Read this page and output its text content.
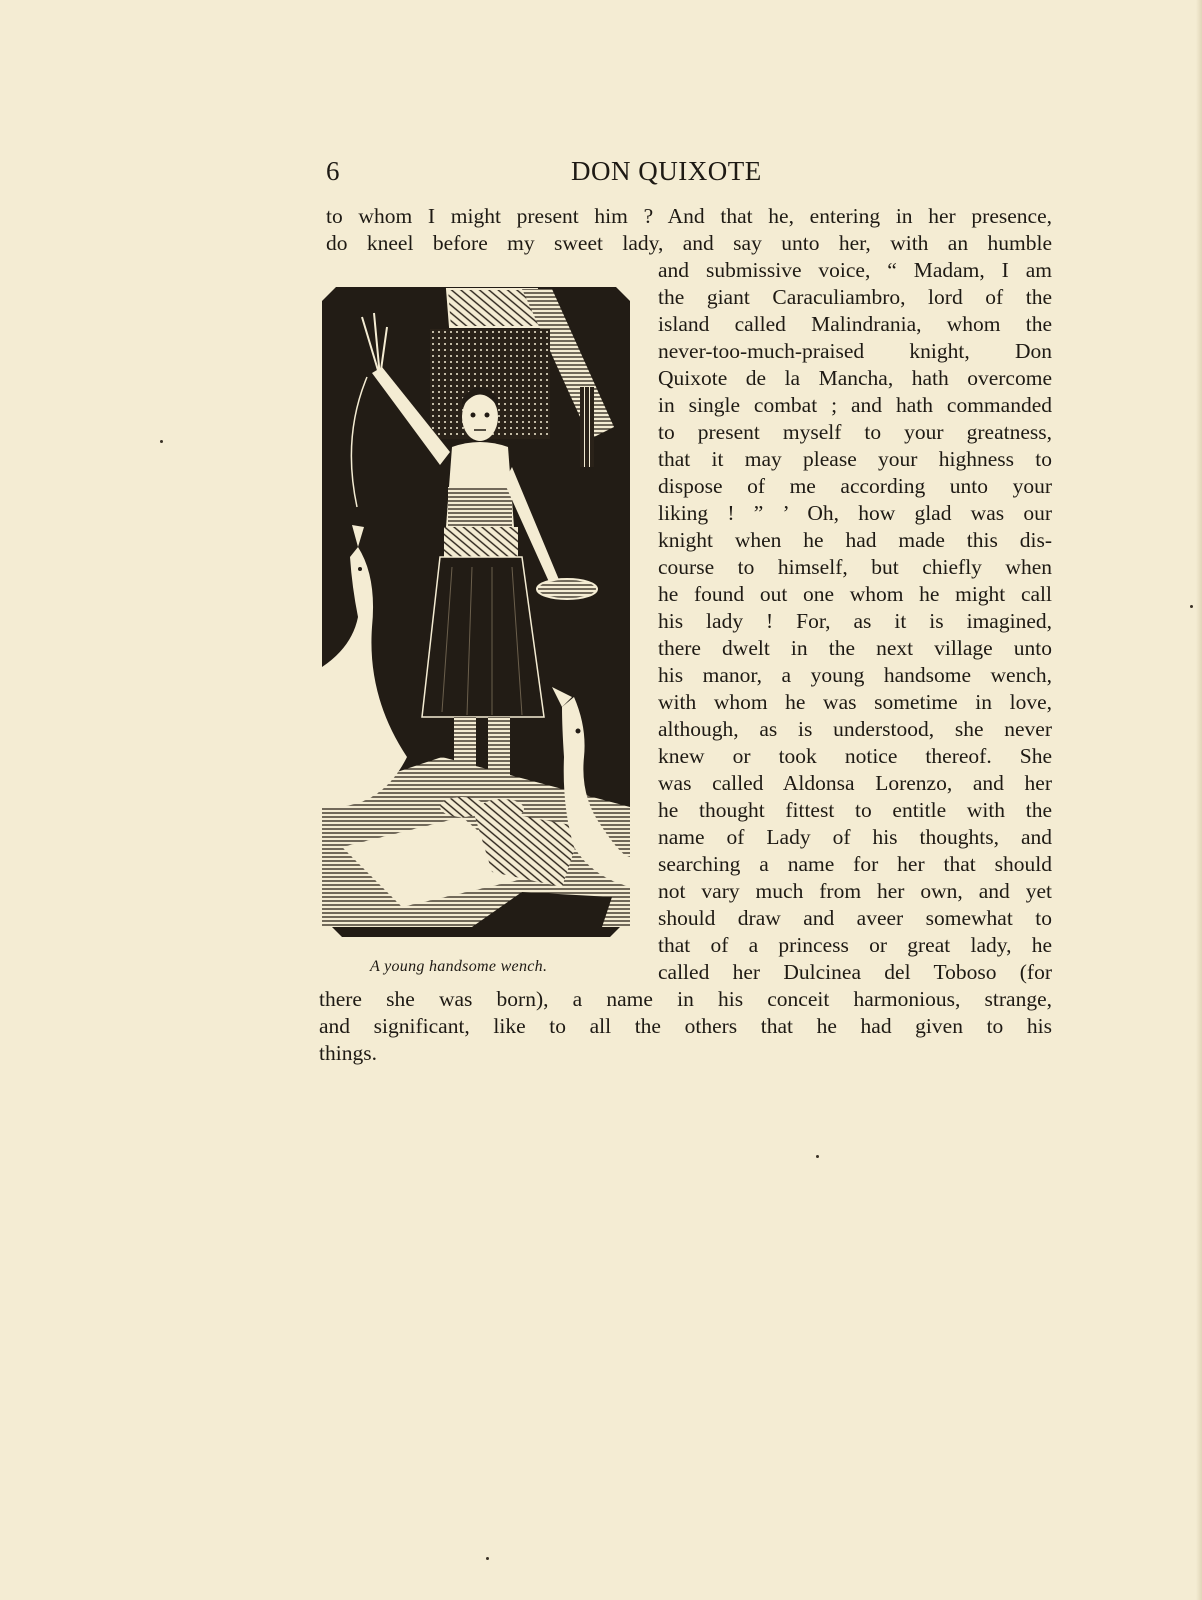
6	DON QUIXOTE
A young handsome wench.
to whom I might present him ? And that he, entering in her presence,
do kneel before my sweet lady, and say unto her, with an humble
and submissive voice, “ Madam, I am
the giant Caraculiambro, lord of the
island called Malindrania, whom the
never-too-much-praised knight, Don
Quixote de la Mancha, hath overcome
in single combat ; and hath commanded
to present myself to your greatness,
that it may please your highness to
dispose of me according unto your
liking ! ” ’ Oh, how glad was our
knight when he had made this dis-
course to himself, but chiefly when
he found out one whom he might call
his lady ! For, as it is imagined,
there dwelt in the next village unto
his manor, a young handsome wench,
with whom he was sometime in love,
although, as is understood, she never
knew or took notice thereof. She
was called Aldonsa Lorenzo, and her
he thought fittest to entitle with the
name of Lady of his thoughts, and
searching a name for her that should
not vary much from her own, and yet
should draw and aveer somewhat to
that of a princess or great lady, he
called her Dulcinea del Toboso (for
there she was born), a name in his conceit harmonious, strange,
and significant, like to all the others that he had given to his
things.
